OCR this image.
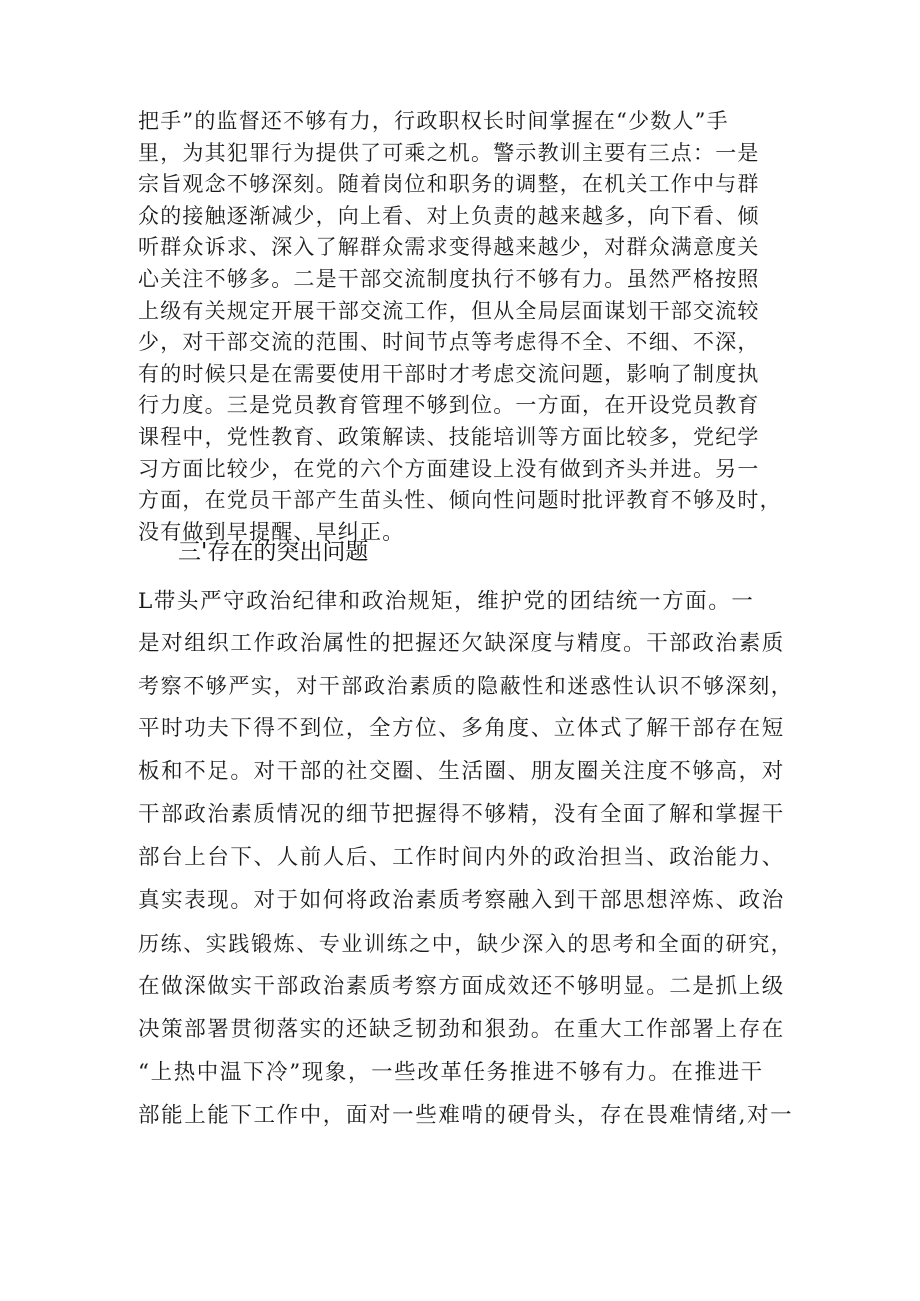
把手”的监督还不够有力，行政职权长时间掌握在“少数人”手
里，为其犯罪行为提供了可乘之机。警示教训主要有三点：一是
宗旨观念不够深刻。随着岗位和职务的调整，在机关工作中与群
众的接触逐渐减少，向上看、对上负责的越来越多，向下看、倾
听群众诉求、深入了解群众需求变得越来越少，对群众满意度关
心关注不够多。二是干部交流制度执行不够有力。虽然严格按照
上级有关规定开展干部交流工作，但从全局层面谋划干部交流较
少，对干部交流的范围、时间节点等考虑得不全、不细、不深，
有的时候只是在需要使用干部时才考虑交流问题，影响了制度执
行力度。三是党员教育管理不够到位。一方面，在开设党员教育
课程中，党性教育、政策解读、技能培训等方面比较多，党纪学
习方面比较少，在党的六个方面建设上没有做到齐头并进。另一
方面，在党员干部产生苗头性、倾向性问题时批评教育不够及时，
没有做到早提醒、早纠正。
三'存在的突出问题
L带头严守政治纪律和政治规矩，维护党的团结统一方面。一
是对组织工作政治属性的把握还欠缺深度与精度。干部政治素质
考察不够严实，对干部政治素质的隐蔽性和迷惑性认识不够深刻，
平时功夫下得不到位，全方位、多角度、立体式了解干部存在短
板和不足。对干部的社交圈、生活圈、朋友圈关注度不够高，对
干部政治素质情况的细节把握得不够精，没有全面了解和掌握干
部台上台下、人前人后、工作时间内外的政治担当、政治能力、
真实表现。对于如何将政治素质考察融入到干部思想淬炼、政治
历练、实践锻炼、专业训练之中，缺少深入的思考和全面的研究，
在做深做实干部政治素质考察方面成效还不够明显。二是抓上级
决策部署贯彻落实的还缺乏韧劲和狠劲。在重大工作部署上存在
“上热中温下冷”现象，一些改革任务推进不够有力。在推进干
部能上能下工作中，面对一些难啃的硬骨头，存在畏难情绪,对一
